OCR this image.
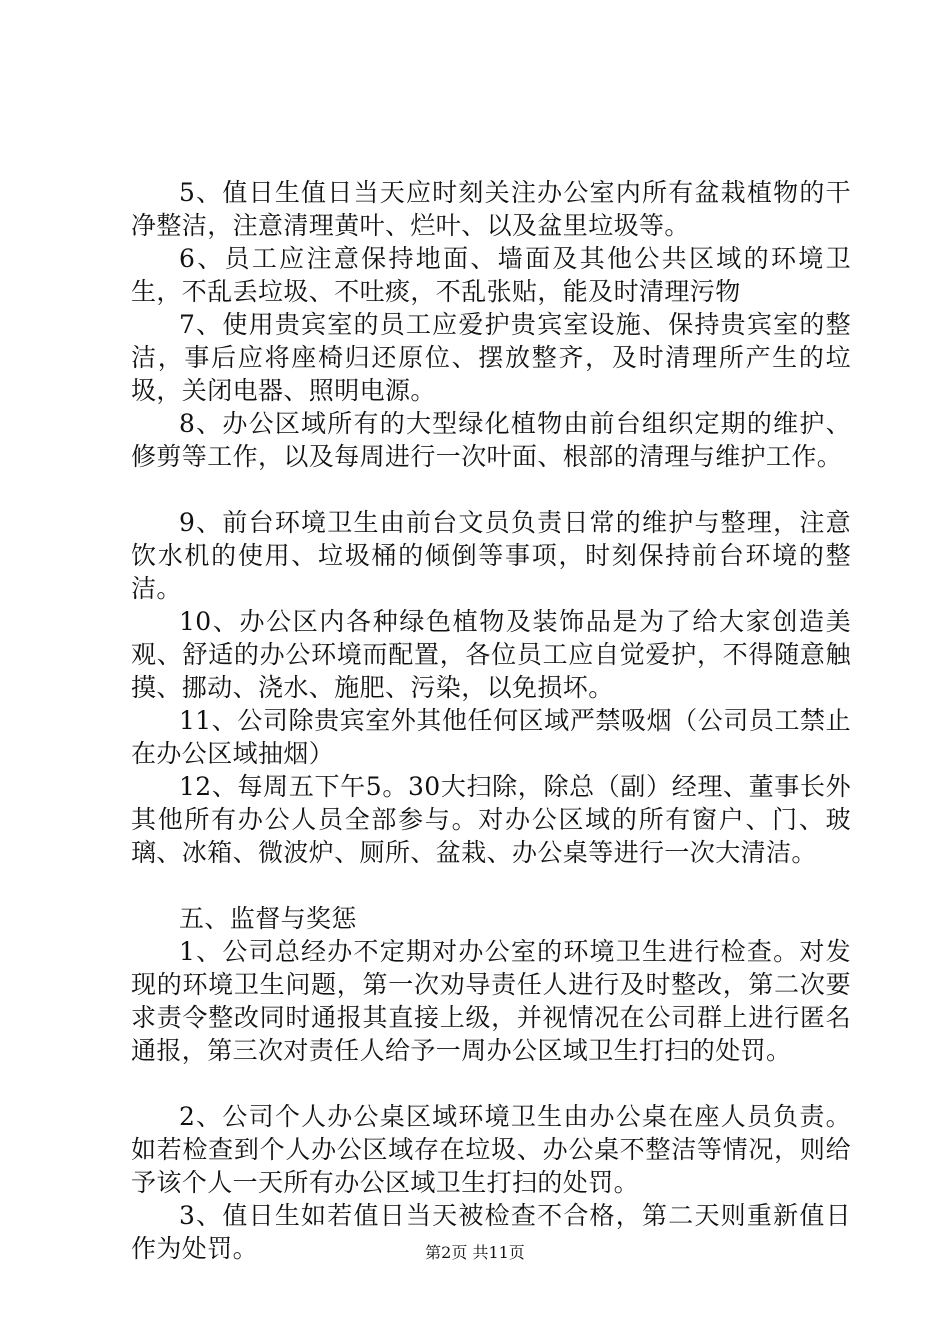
5、值日生值日当天应时刻关注办公室内所有盆栽植物的干净整洁，注意清理黄叶、烂叶、以及盆里垃圾等。

6、员工应注意保持地面、墙面及其他公共区域的环境卫生，不乱丢垃圾、不吐痰，不乱张贴，能及时清理污物

7、使用贵宾室的员工应爱护贵宾室设施、保持贵宾室的整洁，事后应将座椅归还原位、摆放整齐，及时清理所产生的垃圾，关闭电器、照明电源。

8、办公区域所有的大型绿化植物由前台组织定期的维护、修剪等工作，以及每周进行一次叶面、根部的清理与维护工作。

9、前台环境卫生由前台文员负责日常的维护与整理，注意饮水机的使用、垃圾桶的倾倒等事项，时刻保持前台环境的整洁。

10、办公区内各种绿色植物及装饰品是为了给大家创造美观、舒适的办公环境而配置，各位员工应自觉爱护，不得随意触摸、挪动、浇水、施肥、污染，以免损坏。

11、公司除贵宾室外其他任何区域严禁吸烟（公司员工禁止在办公区域抽烟）

12、每周五下午5。30大扫除，除总（副）经理、董事长外其他所有办公人员全部参与。对办公区域的所有窗户、门、玻璃、冰箱、微波炉、厕所、盆栽、办公桌等进行一次大清洁。

五、监督与奖惩

1、公司总经办不定期对办公室的环境卫生进行检查。对发现的环境卫生问题，第一次劝导责任人进行及时整改，第二次要求责令整改同时通报其直接上级，并视情况在公司群上进行匿名通报，第三次对责任人给予一周办公区域卫生打扫的处罚。

2、公司个人办公桌区域环境卫生由办公桌在座人员负责。如若检查到个人办公区域存在垃圾、办公桌不整洁等情况，则给予该个人一天所有办公区域卫生打扫的处罚。

3、值日生如若值日当天被检查不合格，第二天则重新值日作为处罚。	第2页 共11页
